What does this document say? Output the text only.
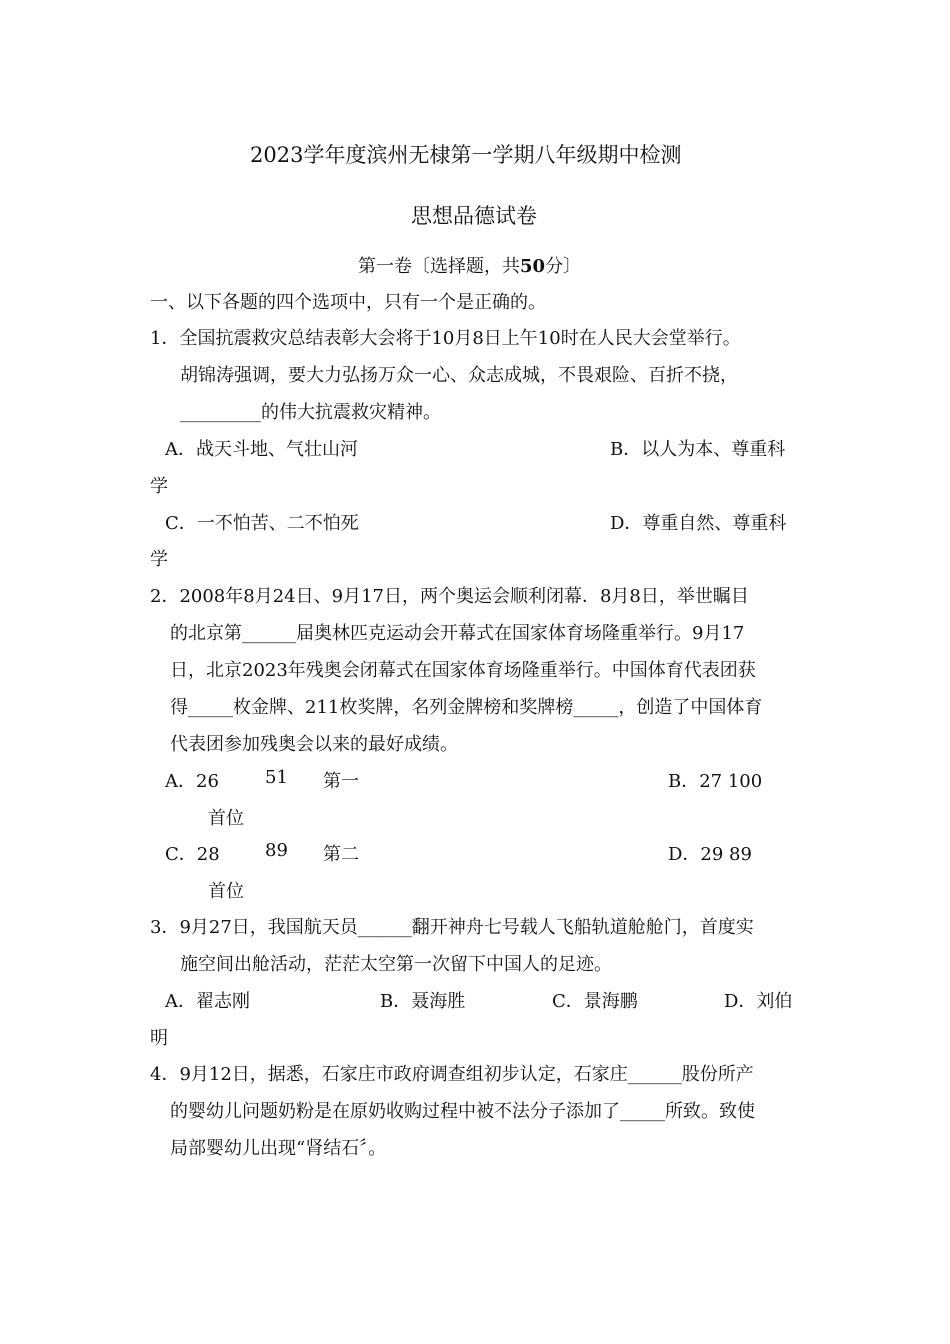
2023学年度滨州无棣第一学期八年级期中检测
思想品德试卷
第一卷〔选择题，共50分〕
一、以下各题的四个选项中，只有一个是正确的。
1．全国抗震救灾总结表彰大会将于10月8日上午10时在人民大会堂举行。
胡锦涛强调，要大力弘扬万众一心、众志成城，不畏艰险、百折不挠，
_________的伟大抗震救灾精神。
A．战天斗地、气壮山河	B．以人为本、尊重科
学
C．一不怕苦、二不怕死	D．尊重自然、尊重科
学
2．2008年8月24日、9月17日，两个奥运会顺利闭幕．8月8日，举世瞩目
的北京第______届奥林匹克运动会开幕式在国家体育场隆重举行。9月17
日，北京2023年残奥会闭幕式在国家体育场隆重举行。中国体育代表团获
得_____枚金牌、211枚奖牌，名列金牌榜和奖牌榜_____，创造了中国体育
代表团参加残奥会以来的最好成绩。
A．26	51 第一	B．27 100
首位
C．28	89 第二	D．29 89
首位
3．9月27日，我国航天员______翻开神舟七号载人飞船轨道舱舱门，首度实
施空间出舱活动，茫茫太空第一次留下中国人的足迹。
A．翟志刚	B．聂海胜	C．景海鹏	D．刘伯
明
4．9月12日，据悉，石家庄市政府调查组初步认定，石家庄______股份所产
的婴幼儿问题奶粉是在原奶收购过程中被不法分子添加了_____所致。致使
局部婴幼儿出现“肾结石〞。
